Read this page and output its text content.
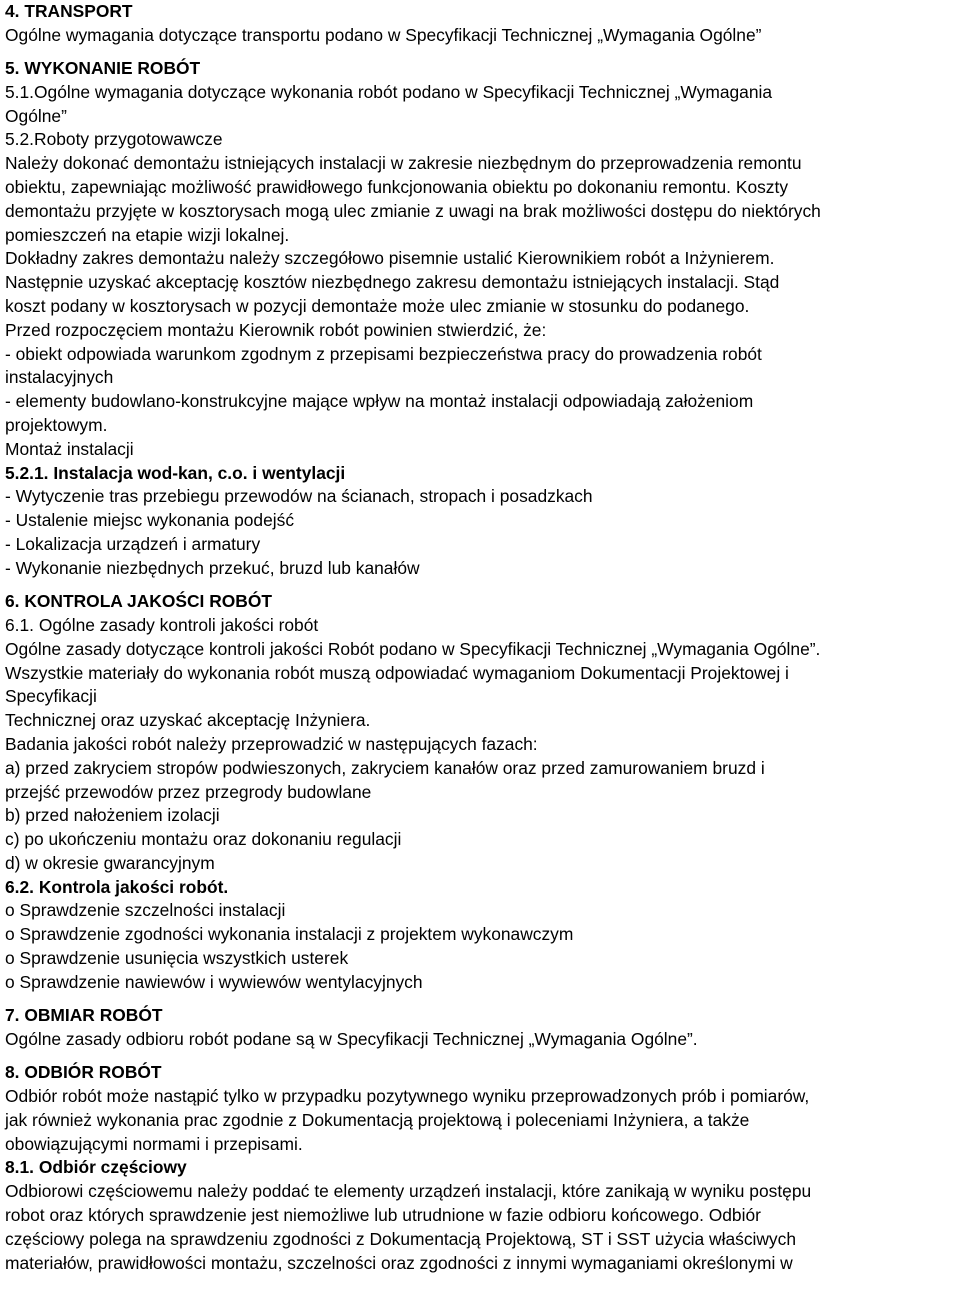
4. TRANSPORT
Ogólne wymagania dotyczące transportu podano w Specyfikacji Technicznej „Wymagania Ogólne”
5. WYKONANIE ROBÓT
5.1.Ogólne wymagania dotyczące wykonania robót podano w Specyfikacji Technicznej „Wymagania
Ogólne”
5.2.Roboty przygotowawcze
Należy dokonać demontażu istniejących instalacji w zakresie niezbędnym do przeprowadzenia remontu
obiektu, zapewniając możliwość prawidłowego funkcjonowania obiektu po dokonaniu remontu. Koszty
demontażu przyjęte w kosztorysach mogą ulec zmianie z uwagi na brak możliwości dostępu do niektórych
pomieszczeń na etapie wizji lokalnej.
Dokładny zakres demontażu należy szczegółowo pisemnie ustalić Kierownikiem robót a Inżynierem.
Następnie uzyskać akceptację kosztów niezbędnego zakresu demontażu istniejących instalacji. Stąd
koszt podany w kosztorysach w pozycji demontaże może ulec zmianie w stosunku do podanego.
Przed rozpoczęciem montażu Kierownik robót powinien stwierdzić, że:
- obiekt odpowiada warunkom zgodnym z przepisami bezpieczeństwa pracy do prowadzenia robót
instalacyjnych
- elementy budowlano-konstrukcyjne mające wpływ na montaż instalacji odpowiadają założeniom
projektowym.
Montaż instalacji
5.2.1. Instalacja wod-kan, c.o. i wentylacji
- Wytyczenie tras przebiegu przewodów na ścianach, stropach i posadzkach
- Ustalenie miejsc wykonania podejść
- Lokalizacja urządzeń i armatury
- Wykonanie niezbędnych przekuć, bruzd lub kanałów
6. KONTROLA JAKOŚCI ROBÓT
6.1. Ogólne zasady kontroli jakości robót
Ogólne zasady dotyczące kontroli jakości Robót podano w Specyfikacji Technicznej „Wymagania Ogólne”.
Wszystkie materiały do wykonania robót muszą odpowiadać wymaganiom Dokumentacji Projektowej i
Specyfikacji
Technicznej oraz uzyskać akceptację Inżyniera.
Badania jakości robót należy przeprowadzić w następujących fazach:
a) przed zakryciem stropów podwieszonych, zakryciem kanałów oraz przed zamurowaniem bruzd i
przejść przewodów przez przegrody budowlane
b) przed nałożeniem izolacji
c) po ukończeniu montażu oraz dokonaniu regulacji
d) w okresie gwarancyjnym
6.2. Kontrola jakości robót.
o Sprawdzenie szczelności instalacji
o Sprawdzenie zgodności wykonania instalacji z projektem wykonawczym
o Sprawdzenie usunięcia wszystkich usterek
o Sprawdzenie nawiewów i wywiewów wentylacyjnych
7. OBMIAR ROBÓT
Ogólne zasady odbioru robót podane są w Specyfikacji Technicznej „Wymagania Ogólne”.
8. ODBIÓR ROBÓT
Odbiór robót może nastąpić tylko w przypadku pozytywnego wyniku przeprowadzonych prób i pomiarów,
jak również wykonania prac zgodnie z Dokumentacją projektową i poleceniami Inżyniera, a także
obowiązującymi normami i przepisami.
8.1. Odbiór częściowy
Odbiorowi częściowemu należy poddać te elementy urządzeń instalacji, które zanikają w wyniku postępu
robot oraz których sprawdzenie jest niemożliwe lub utrudnione w fazie odbioru końcowego. Odbiór
częściowy polega na sprawdzeniu zgodności z Dokumentacją Projektową, ST i SST użycia właściwych
materiałów, prawidłowości montażu, szczelności oraz zgodności z innymi wymaganiami określonymi w
